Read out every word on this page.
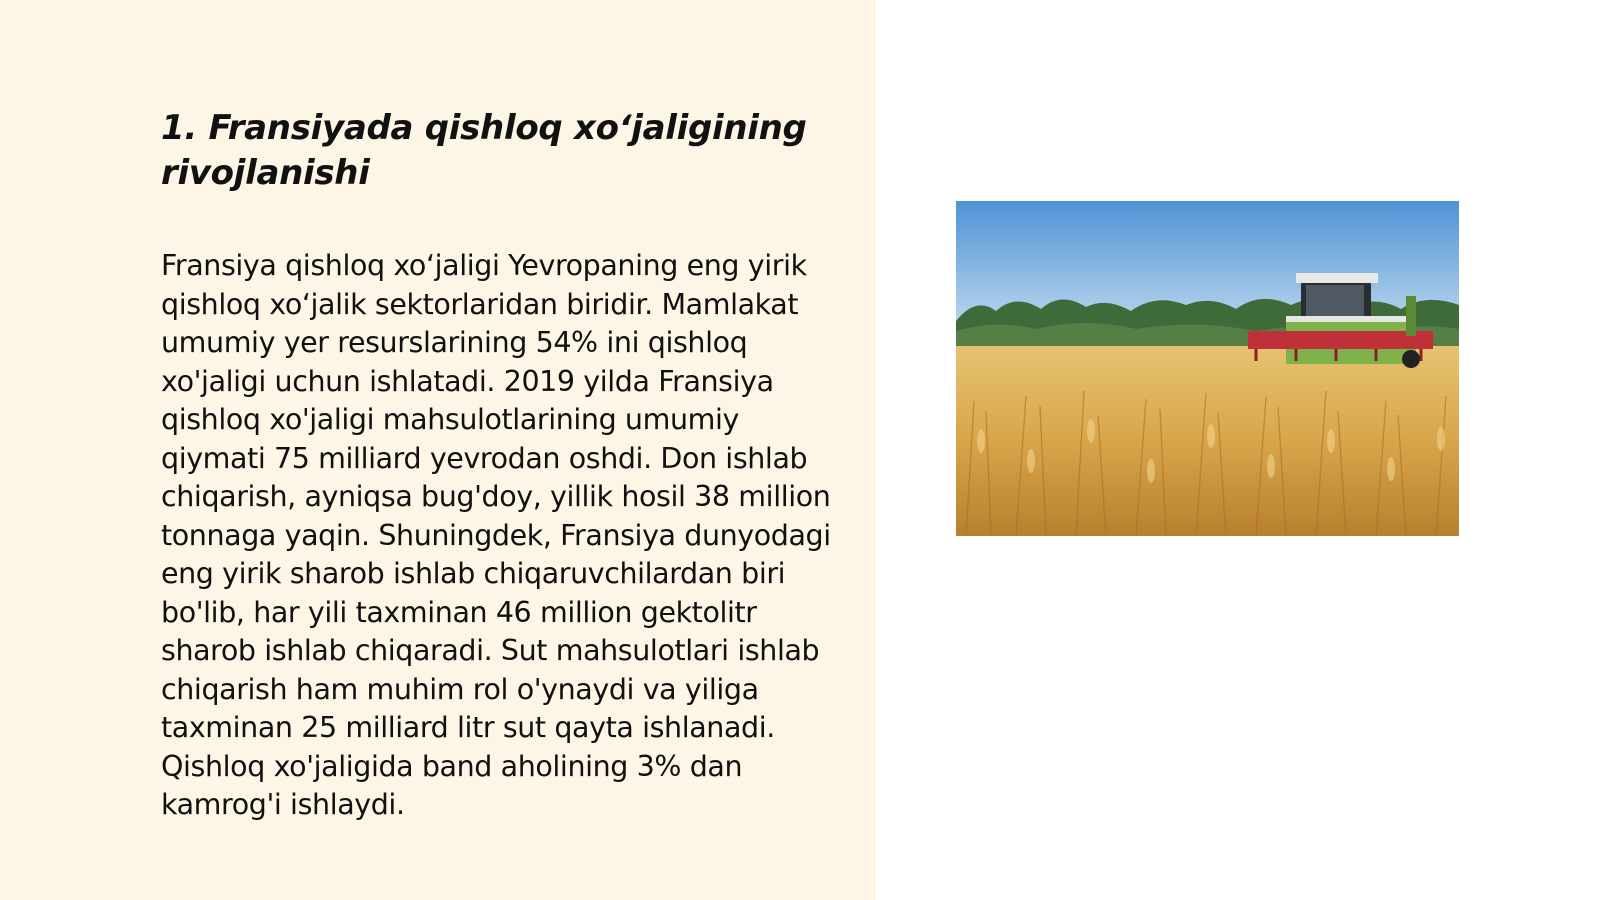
1. Fransiyada qishloq xo‘jaligining rivojlanishi

Fransiya qishloq xo‘jaligi Yevropaning eng yirik qishloq xo‘jalik sektorlaridan biridir. Mamlakat umumiy yer resurslarining 54% ini qishloq xo'jaligi uchun ishlatadi. 2019 yilda Fransiya qishloq xo'jaligi mahsulotlarining umumiy qiymati 75 milliard yevrodan oshdi. Don ishlab chiqarish, ayniqsa bug'doy, yillik hosil 38 million tonnaga yaqin. Shuningdek, Fransiya dunyodagi eng yirik sharob ishlab chiqaruvchilardan biri bo'lib, har yili taxminan 46 million gektolitr sharob ishlab chiqaradi. Sut mahsulotlari ishlab chiqarish ham muhim rol o'ynaydi va yiliga taxminan 25 milliard litr sut qayta ishlanadi. Qishloq xo'jaligida band aholining 3% dan kamrog'i ishlaydi.
